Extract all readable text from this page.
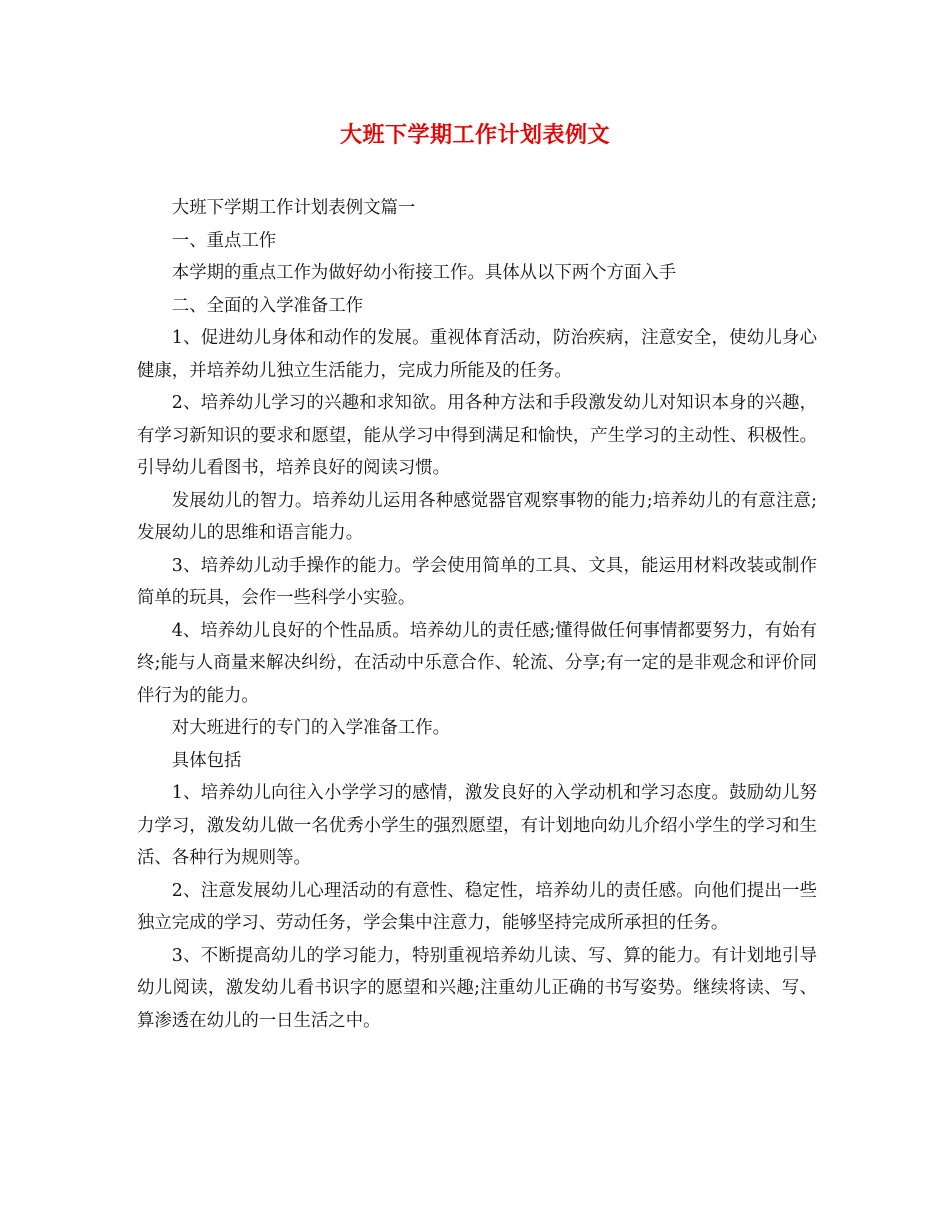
大班下学期工作计划表例文

大班下学期工作计划表例文篇一

一、重点工作

本学期的重点工作为做好幼小衔接工作。具体从以下两个方面入手

二、全面的入学准备工作

1、促进幼儿身体和动作的发展。重视体育活动，防治疾病，注意安全，使幼儿身心健康，并培养幼儿独立生活能力，完成力所能及的任务。

2、培养幼儿学习的兴趣和求知欲。用各种方法和手段激发幼儿对知识本身的兴趣，有学习新知识的要求和愿望，能从学习中得到满足和愉快，产生学习的主动性、积极性。引导幼儿看图书，培养良好的阅读习惯。

发展幼儿的智力。培养幼儿运用各种感觉器官观察事物的能力;培养幼儿的有意注意;发展幼儿的思维和语言能力。

3、培养幼儿动手操作的能力。学会使用简单的工具、文具，能运用材料改装或制作简单的玩具，会作一些科学小实验。

4、培养幼儿良好的个性品质。培养幼儿的责任感;懂得做任何事情都要努力，有始有终;能与人商量来解决纠纷，在活动中乐意合作、轮流、分享;有一定的是非观念和评价同伴行为的能力。

对大班进行的专门的入学准备工作。

具体包括

1、培养幼儿向往入小学学习的感情，激发良好的入学动机和学习态度。鼓励幼儿努力学习，激发幼儿做一名优秀小学生的强烈愿望，有计划地向幼儿介绍小学生的学习和生活、各种行为规则等。

2、注意发展幼儿心理活动的有意性、稳定性，培养幼儿的责任感。向他们提出一些独立完成的学习、劳动任务，学会集中注意力，能够坚持完成所承担的任务。

3、不断提高幼儿的学习能力，特别重视培养幼儿读、写、算的能力。有计划地引导幼儿阅读，激发幼儿看书识字的愿望和兴趣;注重幼儿正确的书写姿势。继续将读、写、算渗透在幼儿的一日生活之中。
